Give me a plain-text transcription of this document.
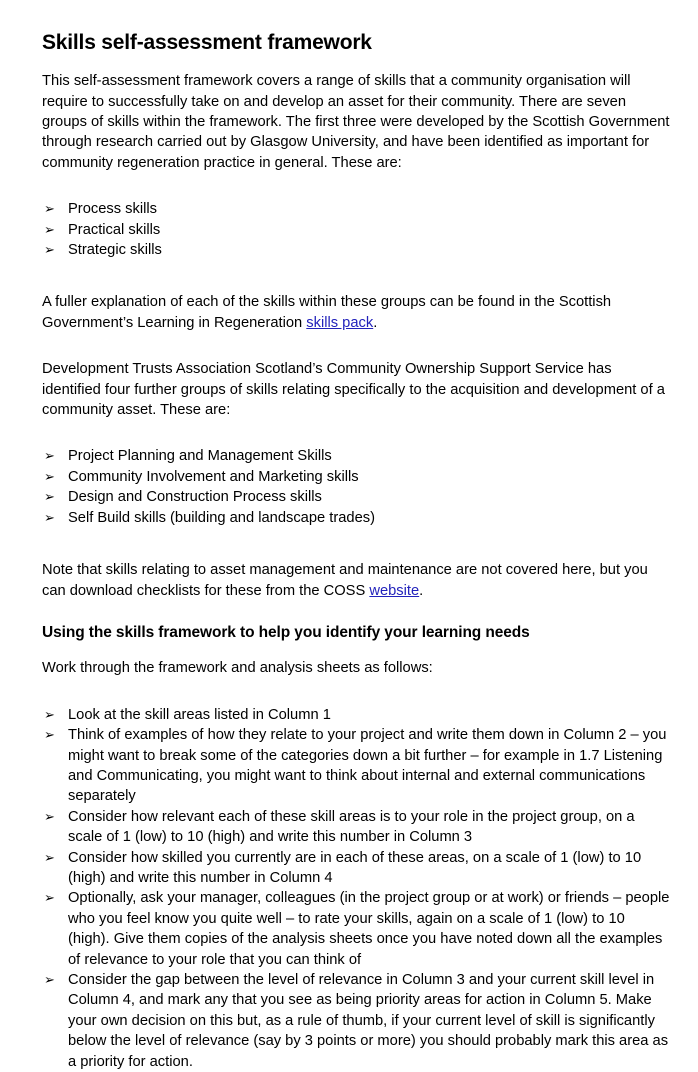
Skills self-assessment framework

This self-assessment framework covers a range of skills that a community organisation will require to successfully take on and develop an asset for their community. There are seven groups of skills within the framework. The first three were developed by the Scottish Government through research carried out by Glasgow University, and have been identified as important for community regeneration practice in general. These are:

➢ Process skills
➢ Practical skills
➢ Strategic skills

A fuller explanation of each of the skills within these groups can be found in the Scottish Government’s Learning in Regeneration skills pack.

Development Trusts Association Scotland’s Community Ownership Support Service has identified four further groups of skills relating specifically to the acquisition and development of a community asset. These are:

➢ Project Planning and Management Skills
➢ Community Involvement and Marketing skills
➢ Design and Construction Process skills
➢ Self Build skills (building and landscape trades)

Note that skills relating to asset management and maintenance are not covered here, but you can download checklists for these from the COSS website.

Using the skills framework to help you identify your learning needs

Work through the framework and analysis sheets as follows:

➢ Look at the skill areas listed in Column 1
➢ Think of examples of how they relate to your project and write them down in Column 2 – you might want to break some of the categories down a bit further – for example in 1.7 Listening and Communicating, you might want to think about internal and external communications separately
➢ Consider how relevant each of these skill areas is to your role in the project group, on a scale of 1 (low) to 10 (high) and write this number in Column 3
➢ Consider how skilled you currently are in each of these areas, on a scale of 1 (low) to 10 (high) and write this number in Column 4
➢ Optionally, ask your manager, colleagues (in the project group or at work) or friends – people who you feel know you quite well – to rate your skills, again on a scale of 1 (low) to 10 (high). Give them copies of the analysis sheets once you have noted down all the examples of relevance to your role that you can think of
➢ Consider the gap between the level of relevance in Column 3 and your current skill level in Column 4, and mark any that you see as being priority areas for action in Column 5. Make your own decision on this but, as a rule of thumb, if your current level of skill is significantly below the level of relevance (say by 3 points or more) you should probably mark this area as a priority for action.
